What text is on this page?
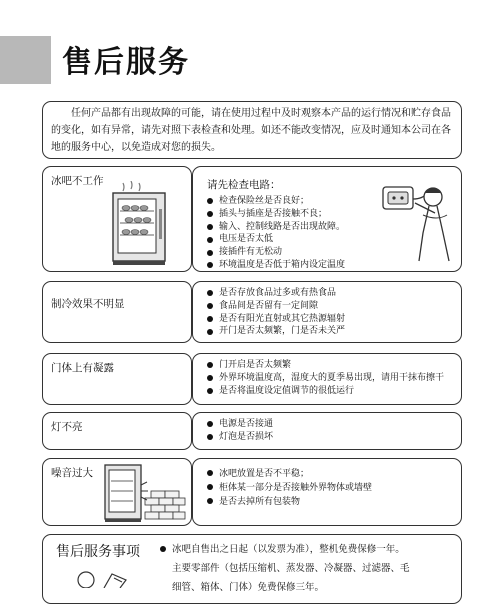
售后服务

任何产品都有出现故障的可能，请在使用过程中及时观察本产品的运行情况和贮存食品的变化，如有异常，请先对照下表检查和处理。如还不能改变情况，应及时通知本公司在各地的服务中心，以免造成对您的损失。

冰吧不工作	请先检查电路：
检查保险丝是否良好；
插头与插座是否接触不良；
输入、控制线路是否出现故障。
电压是否太低
接插件有无松动
环境温度是否低于箱内设定温度
制冷效果不明显
是否存放食品过多或有热食品
食品间是否留有一定间隙
是否有阳光直射或其它热源辐射
开门是否太频繁，门是否未关严
门体上有凝露	门开启是否太频繁
外界环境温度高，湿度大的夏季易出现，请用干抹布擦干
是否将温度设定值调节的很低运行
灯不亮	电源是否接通
灯泡是否损坏
噪音过大	冰吧放置是否不平稳；
柜体某一部分是否接触外界物体或墙壁
是否去掉所有包装物
售后服务事项	冰吧自售出之日起（以发票为准），整机免费保修一年。

主要零部件（包括压缩机、蒸发器、冷凝器、过滤器、毛

细管、箱体、门体）免费保修三年。
